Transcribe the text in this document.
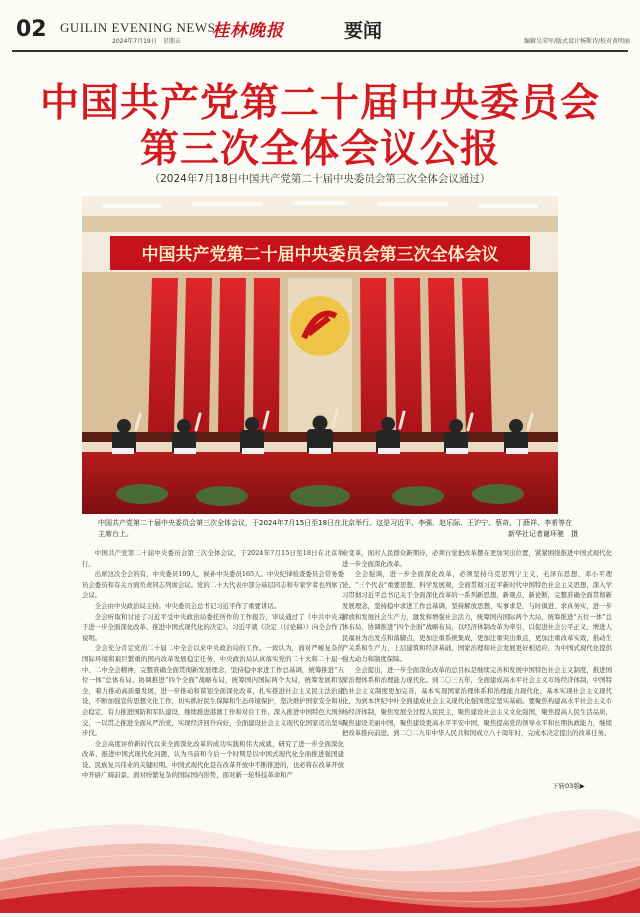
02 GUILIN EVENING NEWS
2024年7月19日　星期五
桂林晚报	要闻	编辑吴荣军/版式设计杨斯诗/校对黄明丽
中国共产党第二十届中央委员会
第三次全体会议公报
（2024年7月18日中国共产党第二十届中央委员会第三次全体会议通过）
中国共产党第二十届中央委员会第三次全体会议
中国共产党第二十届中央委员会第三次全体会议，于2024年7月15日至18日在北京举行。这是习近平、李强、赵乐际、王沪宁、蔡奇、丁薛祥、李希等在主席台上。	新华社记者谢环驰　摄

中国共产党第二十届中央委员会第三次全体会议，于2024年7月15日至18日在北京举行。

出席这次全会的有，中央委员199人，候补中央委员165人。中央纪律检查委员会常务委员会委员和有关方面负责同志列席会议。党的二十大代表中部分基层同志和专家学者也列席了会议。

全会由中央政治局主持。中央委员会总书记习近平作了重要讲话。

全会听取和讨论了习近平受中央政治局委托所作的工作报告，审议通过了《中共中央关于进一步全面深化改革、推进中国式现代化的决定》。习近平就《决定（讨论稿）》向全会作了说明。

全会充分肯定党的二十届二中全会以来中央政治局的工作。一致认为，面对严峻复杂的国际环境和艰巨繁重的国内改革发展稳定任务，中央政治局认真落实党的二十大和二十届一中、二中全会精神，完整准确全面贯彻新发展理念，坚持稳中求进工作总基调，统筹推进“五位一体”总体布局、协调推进“四个全面”战略布局，统筹国内国际两个大局，统筹发展和安全，着力推动高质量发展，进一步推动和谋划全面深化改革，扎实推进社会主义民主法治建设，不断加强宣传思想文化工作，切实抓好民生保障和生态环境保护，坚决维护国家安全和社会稳定，有力推进国防和军队建设，继续推进港澳工作和对台工作，深入推进中国特色大国外交，一以贯之推进全面从严治党，实现经济回升向好，全面建设社会主义现代化国家迈出坚实步伐。

全会高度评价新时代以来全面深化改革的成功实践和伟大成就，研究了进一步全面深化改革、推进中国式现代化问题，认为当前和今后一个时期是以中国式现代化全面推进强国建设、民族复兴伟业的关键时期。中国式现代化是在改革开放中不断推进的，也必将在改革开放中开辟广阔前景。面对纷繁复杂的国际国内形势，面对新一轮科技革命和产

业变革，面对人民群众新期待，必须自觉把改革摆在更加突出位置，紧紧围绕推进中国式现代化进一步全面深化改革。

全会强调，进一步全面深化改革，必须坚持马克思列宁主义、毛泽东思想、邓小平理论、“三个代表”重要思想、科学发展观，全面贯彻习近平新时代中国特色社会主义思想，深入学习贯彻习近平总书记关于全面深化改革的一系列新思想、新观点、新论断，完整准确全面贯彻新发展理念，坚持稳中求进工作总基调，坚持解放思想、实事求是，与时俱进、求真务实，进一步解放和发展社会生产力，激发和增强社会活力，统筹国内国际两个大局，统筹推进“五位一体”总体布局，协调推进“四个全面”战略布局，以经济体制改革为牵引，以促进社会公平正义、增进人民福祉为出发点和落脚点，更加注重系统集成，更加注重突出重点，更加注重改革实效，推动生产关系和生产力、上层建筑和经济基础、国家治理和社会发展更好相适应，为中国式现代化提供强大动力和制度保障。

全会提出，进一步全面深化改革的总目标是继续完善和发展中国特色社会主义制度，推进国家治理体系和治理能力现代化。到二〇三五年，全面建成高水平社会主义市场经济体制，中国特色社会主义制度更加完善，基本实现国家治理体系和治理能力现代化，基本实现社会主义现代化，为到本世纪中叶全面建成社会主义现代化强国奠定坚实基础。要聚焦构建高水平社会主义市场经济体制，聚焦发展全过程人民民主，聚焦建设社会主义文化强国，聚焦提高人民生活品质，聚焦建设美丽中国，聚焦建设更高水平平安中国，聚焦提高党的领导水平和长期执政能力，继续把改革推向前进。到二〇二九年中华人民共和国成立八十周年时，完成本决定提出的改革任务。

下转03版▶
